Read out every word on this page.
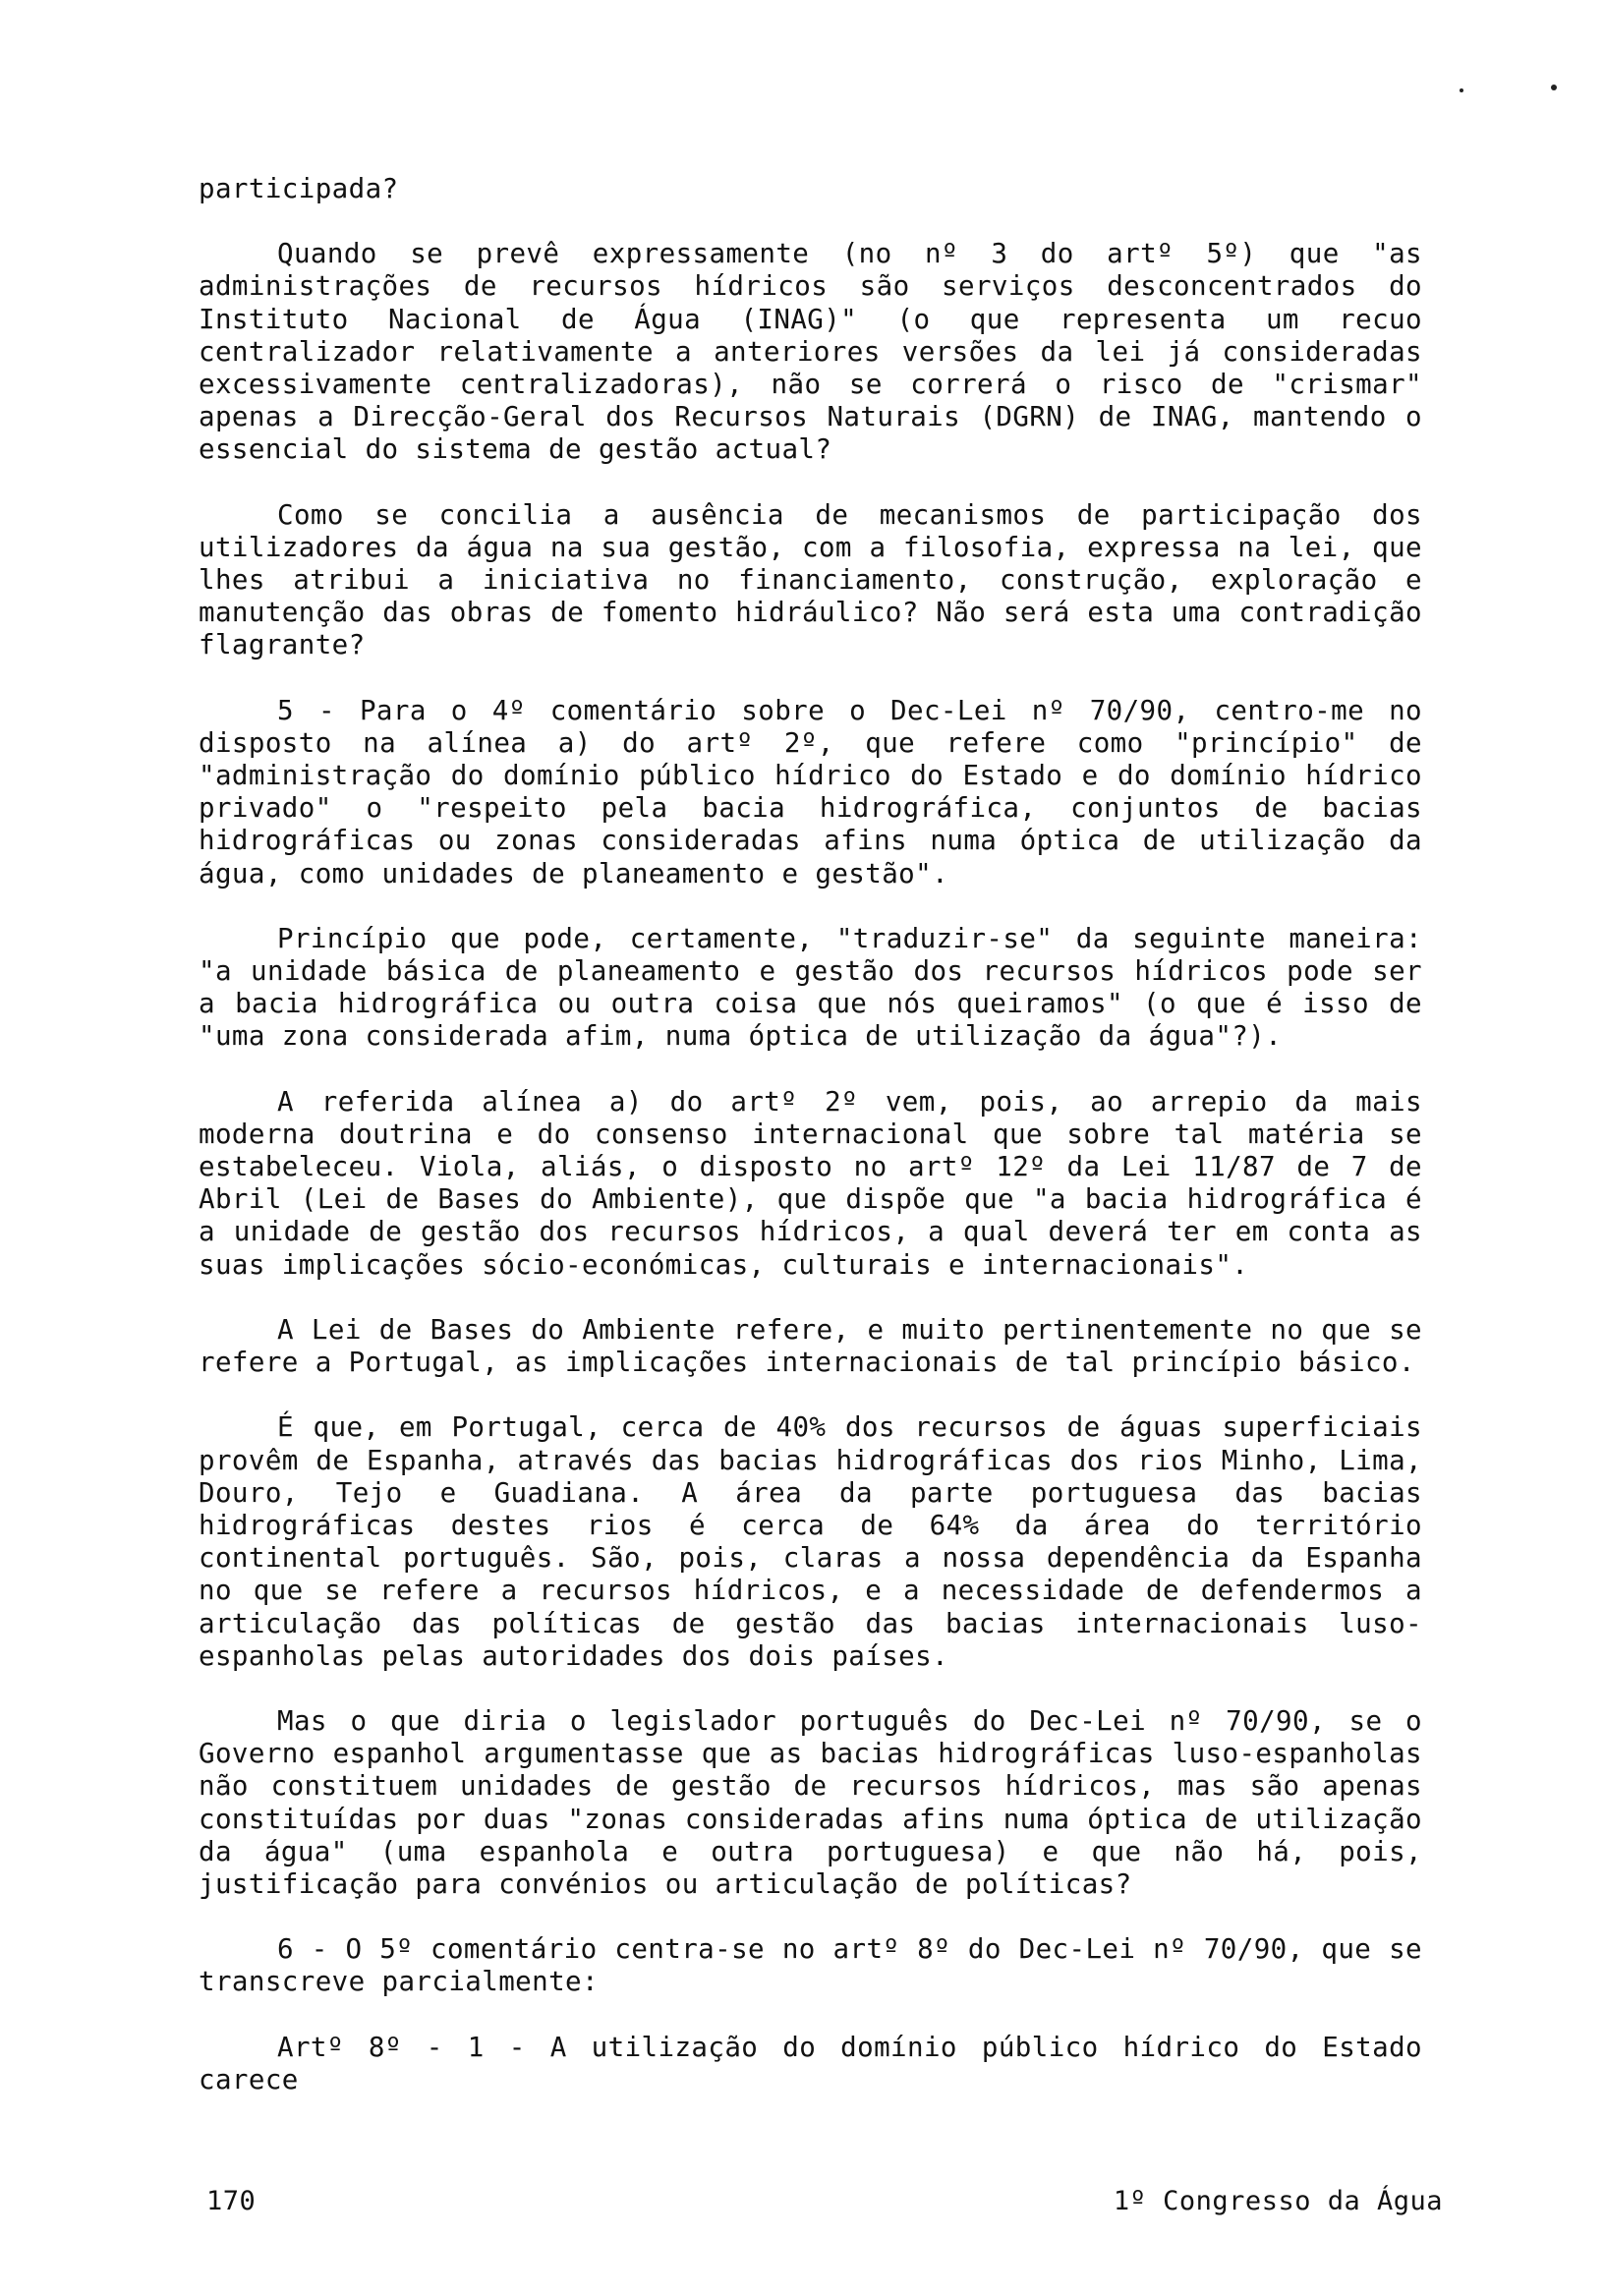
participada?

Quando se prevê expressamente (no nº 3 do artº 5º) que "as administrações de recursos hídricos são serviços desconcentrados do Instituto Nacional de Água (INAG)" (o que representa um recuo centralizador relativamente a anteriores versões da lei já consideradas excessivamente centralizadoras), não se correrá o risco de "crismar" apenas a Direcção-Geral dos Recursos Naturais (DGRN) de INAG, mantendo o essencial do sistema de gestão actual?

Como se concilia a ausência de mecanismos de participação dos utilizadores da água na sua gestão, com a filosofia, expressa na lei, que lhes atribui a iniciativa no financiamento, construção, exploração e manutenção das obras de fomento hidráulico? Não será esta uma contradição flagrante?

5 - Para o 4º comentário sobre o Dec-Lei nº 70/90, centro-me no disposto na alínea a) do artº 2º, que refere como "princípio" de "administração do domínio público hídrico do Estado e do domínio hídrico privado" o "respeito pela bacia hidrográfica, conjuntos de bacias hidrográficas ou zonas consideradas afins numa óptica de utilização da água, como unidades de planeamento e gestão".

Princípio que pode, certamente, "traduzir-se" da seguinte maneira: "a unidade básica de planeamento e gestão dos recursos hídricos pode ser a bacia hidrográfica ou outra coisa que nós queiramos" (o que é isso de "uma zona considerada afim, numa óptica de utilização da água"?).

A referida alínea a) do artº 2º vem, pois, ao arrepio da mais moderna doutrina e do consenso internacional que sobre tal matéria se estabeleceu. Viola, aliás, o disposto no artº 12º da Lei 11/87 de 7 de Abril (Lei de Bases do Ambiente), que dispõe que "a bacia hidrográfica é a unidade de gestão dos recursos hídricos, a qual deverá ter em conta as suas implicações sócio-económicas, culturais e internacionais".

A Lei de Bases do Ambiente refere, e muito pertinentemente no que se refere a Portugal, as implicações internacionais de tal princípio básico.

É que, em Portugal, cerca de 40% dos recursos de águas superficiais provêm de Espanha, através das bacias hidrográficas dos rios Minho, Lima, Douro, Tejo e Guadiana. A área da parte portuguesa das bacias hidrográficas destes rios é cerca de 64% da área do território continental português. São, pois, claras a nossa dependência da Espanha no que se refere a recursos hídricos, e a necessidade de defendermos a articulação das políticas de gestão das bacias internacionais luso-espanholas pelas autoridades dos dois países.

Mas o que diria o legislador português do Dec-Lei nº 70/90, se o Governo espanhol argumentasse que as bacias hidrográficas luso-espanholas não constituem unidades de gestão de recursos hídricos, mas são apenas constituídas por duas "zonas consideradas afins numa óptica de utilização da água" (uma espanhola e outra portuguesa) e que não há, pois, justificação para convénios ou articulação de políticas?

6 - O 5º comentário centra-se no artº 8º do Dec-Lei nº 70/90, que se transcreve parcialmente:

Artº 8º - 1 - A utilização do domínio público hídrico do Estado carece

170	1º Congresso da Água
